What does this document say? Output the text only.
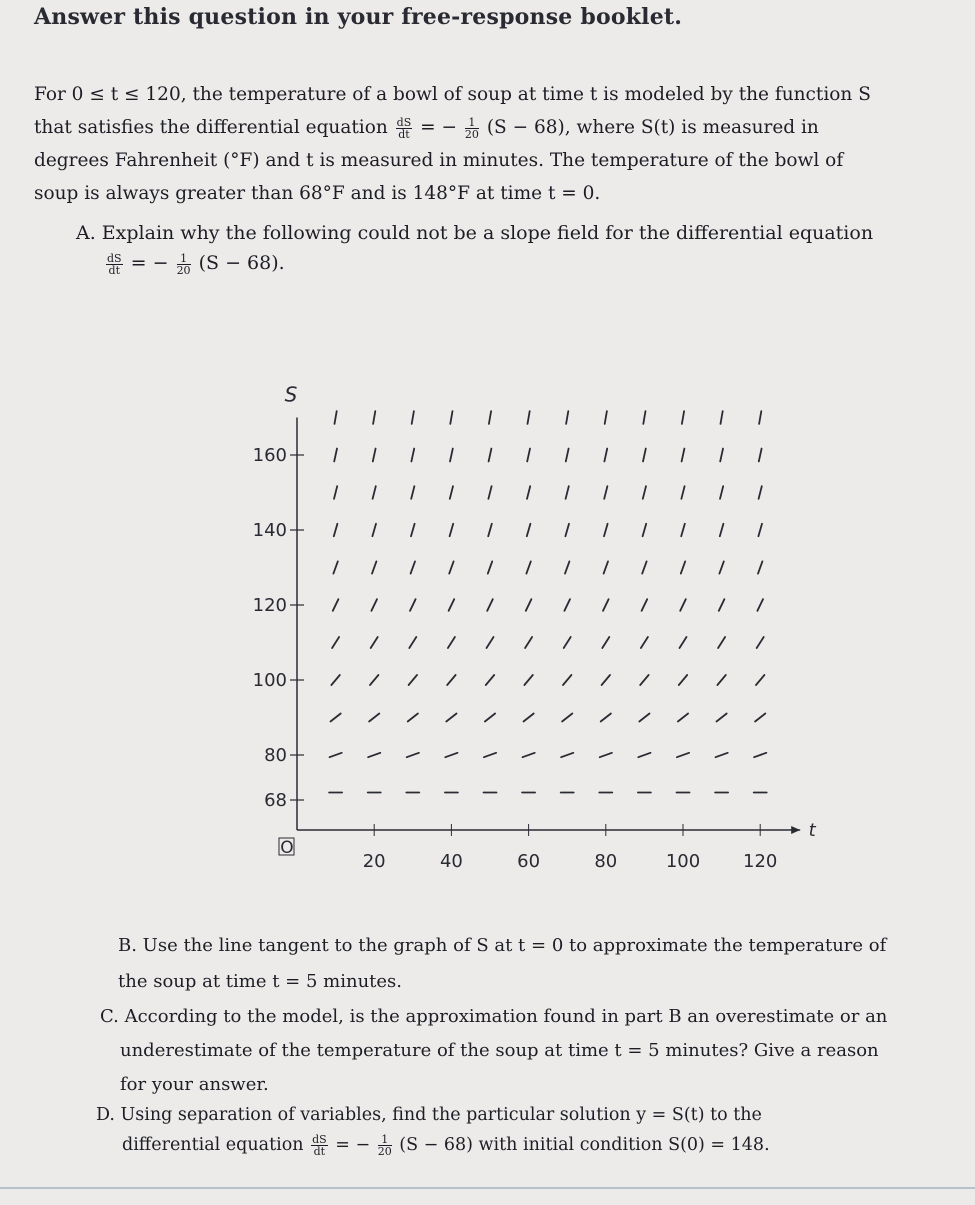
Answer this question in your free-response booklet.
For 0 ≤ t ≤ 120, the temperature of a bowl of soup at time t is modeled by the function S
that satisfies the differential equation $\frac{dS}{dt}$ = − $\frac{1}{20} (S - 68)$, where S(t) is measured in
degrees Fahrenheit (°F) and t is measured in minutes. The temperature of the bowl of
soup is always greater than 68°F and is 148°F at time t = 0.
A. Explain why the following could not be a slope field for the differential equation
$\frac{dS}{dt}$ = − $\frac{1}{20} (S - 68)$.
S
t
O
20	40	60	80	100 120
68
80
100
120
140
160
B. Use the line tangent to the graph of S at t = 0 to approximate the temperature of
the soup at time t = 5 minutes.
C. According to the model, is the approximation found in part B an overestimate or an
underestimate of the temperature of the soup at time t = 5 minutes? Give a reason
for your answer.
D. Using separation of variables, find the particular solution y = S(t) to the
differential equation $\frac{dS}{dt}$ = − $\frac{1}{20} (S - 68)$ with initial condition S(0) = 148.
